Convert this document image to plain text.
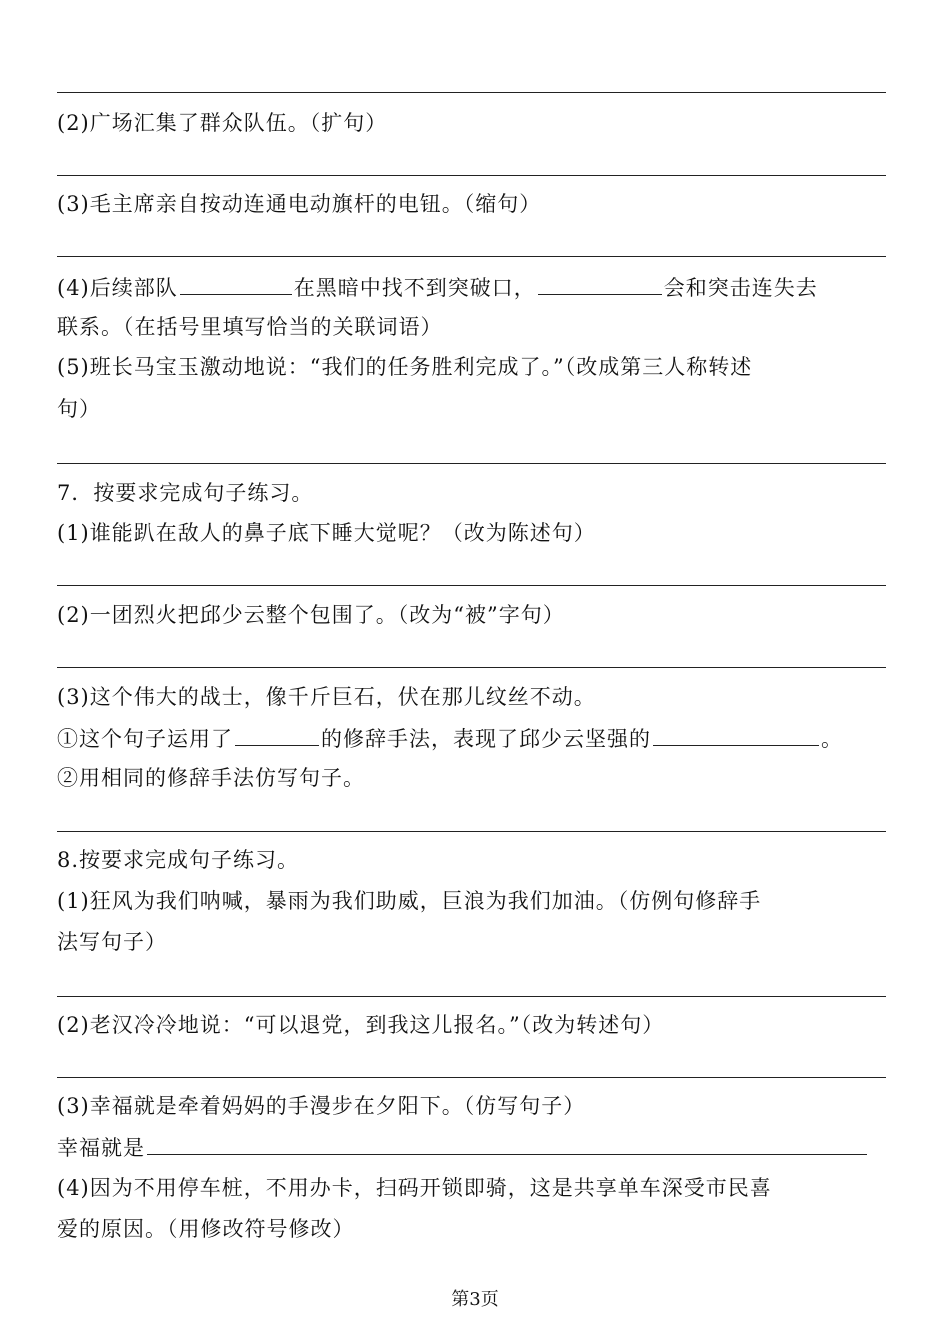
(2)广场汇集了群众队伍。（扩句）
(3)毛主席亲自按动连通电动旗杆的电钮。（缩句）
(4)后续部队	在黑暗中找不到突破口，	会和突击连失去
联系。（在括号里填写恰当的关联词语）
(5)班长马宝玉激动地说：“我们的任务胜利完成了。”（改成第三人称转述
句）
7．按要求完成句子练习。
(1)谁能趴在敌人的鼻子底下睡大觉呢？（改为陈述句）
(2)一团烈火把邱少云整个包围了。（改为“被”字句）
(3)这个伟大的战士，像千斤巨石，伏在那儿纹丝不动。
①这个句子运用了	的修辞手法，表现了邱少云坚强的	。
②用相同的修辞手法仿写句子。
8.按要求完成句子练习。
(1)狂风为我们呐喊，暴雨为我们助威，巨浪为我们加油。（仿例句修辞手
法写句子）
(2)老汉冷冷地说：“可以退党，到我这儿报名。”（改为转述句）
(3)幸福就是牵着妈妈的手漫步在夕阳下。（仿写句子）
幸福就是
(4)因为不用停车桩，不用办卡，扫码开锁即骑，这是共享单车深受市民喜
爱的原因。（用修改符号修改）
第3页
